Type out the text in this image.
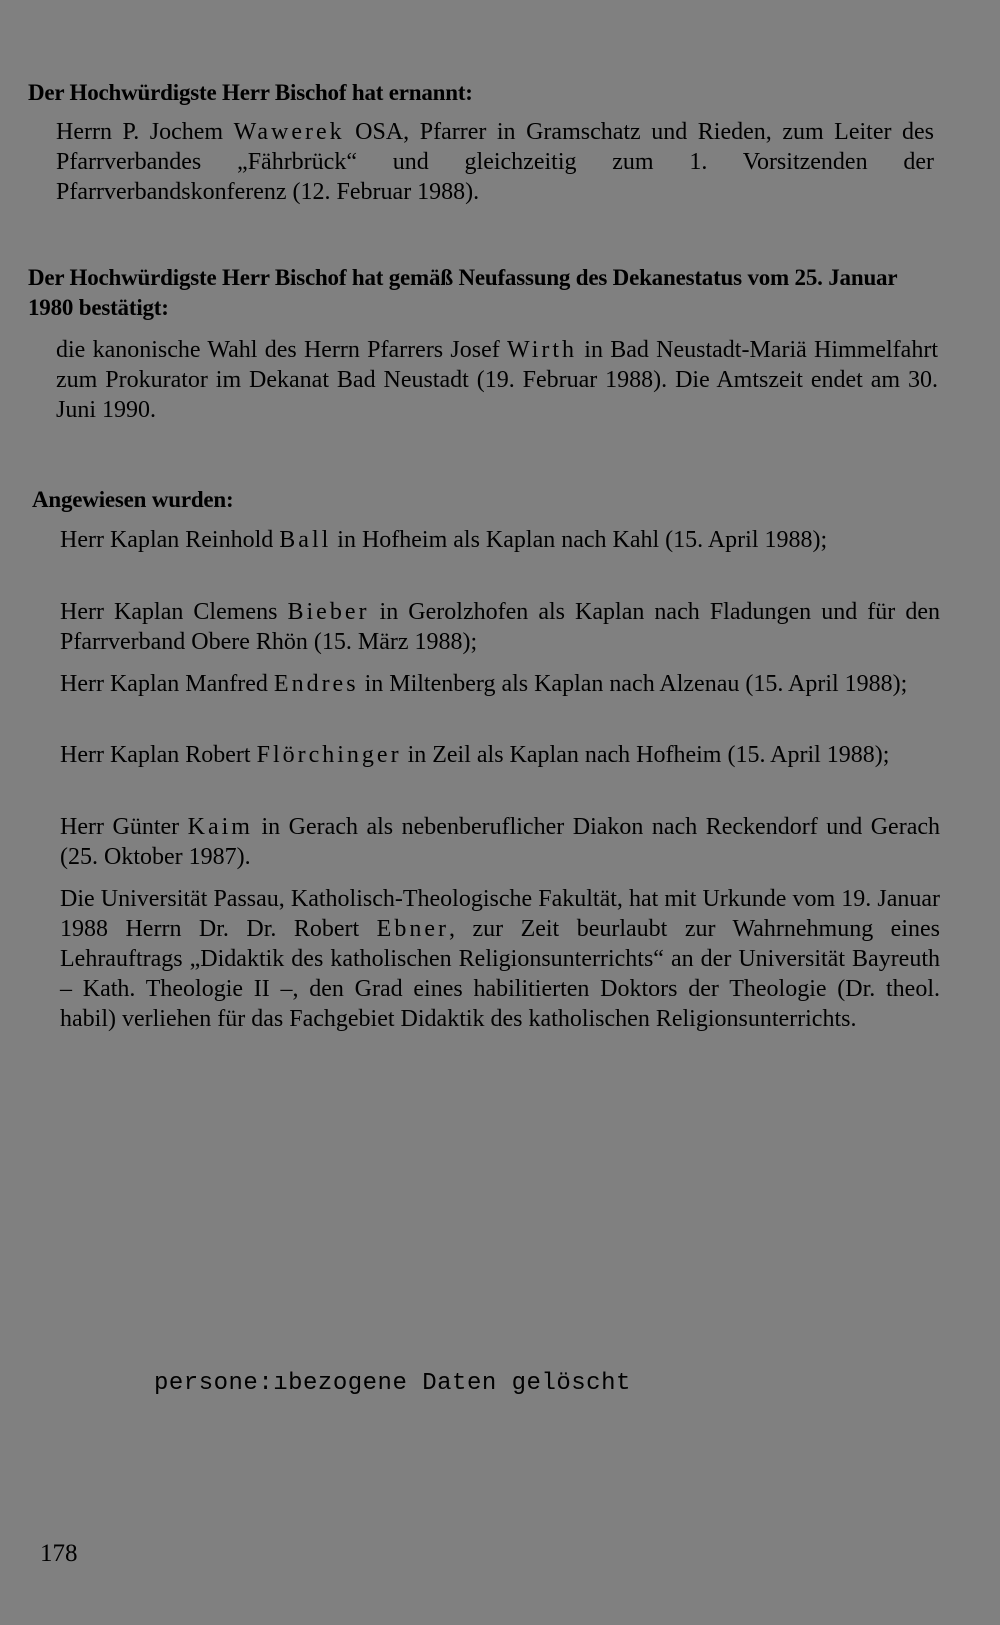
Der Hochwürdigste Herr Bischof hat ernannt:
Herrn P. Jochem Wawerek OSA, Pfarrer in Gramschatz und Rieden, zum Leiter des Pfarrverbandes „Fährbrück“ und gleichzeitig zum 1. Vorsitzenden der Pfarrverbandskonferenz (12. Februar 1988).
Der Hochwürdigste Herr Bischof hat gemäß Neufassung des Dekanestatus vom 25. Januar 1980 bestätigt:
die kanonische Wahl des Herrn Pfarrers Josef Wirth in Bad Neustadt-Mariä Himmelfahrt zum Prokurator im Dekanat Bad Neustadt (19. Februar 1988). Die Amtszeit endet am 30. Juni 1990.
Angewiesen wurden:
Herr Kaplan Reinhold Ball in Hofheim als Kaplan nach Kahl (15. April 1988);
Herr Kaplan Clemens Bieber in Gerolzhofen als Kaplan nach Fladungen und für den Pfarrverband Obere Rhön (15. März 1988);
Herr Kaplan Manfred Endres in Miltenberg als Kaplan nach Alzenau (15. April 1988);
Herr Kaplan Robert Flörchinger in Zeil als Kaplan nach Hofheim (15. April 1988);
Herr Günter Kaim in Gerach als nebenberuflicher Diakon nach Reckendorf und Gerach (25. Oktober 1987).
Die Universität Passau, Katholisch-Theologische Fakultät, hat mit Urkunde vom 19. Januar 1988 Herrn Dr. Dr. Robert Ebner, zur Zeit beurlaubt zur Wahrnehmung eines Lehrauftrags „Didaktik des katholischen Religionsunterrichts“ an der Universität Bayreuth – Kath. Theologie II –, den Grad eines habilitierten Doktors der Theologie (Dr. theol. habil) verliehen für das Fachgebiet Didaktik des katholischen Religionsunterrichts.
persone:ıbezogene Daten gelöscht
178
